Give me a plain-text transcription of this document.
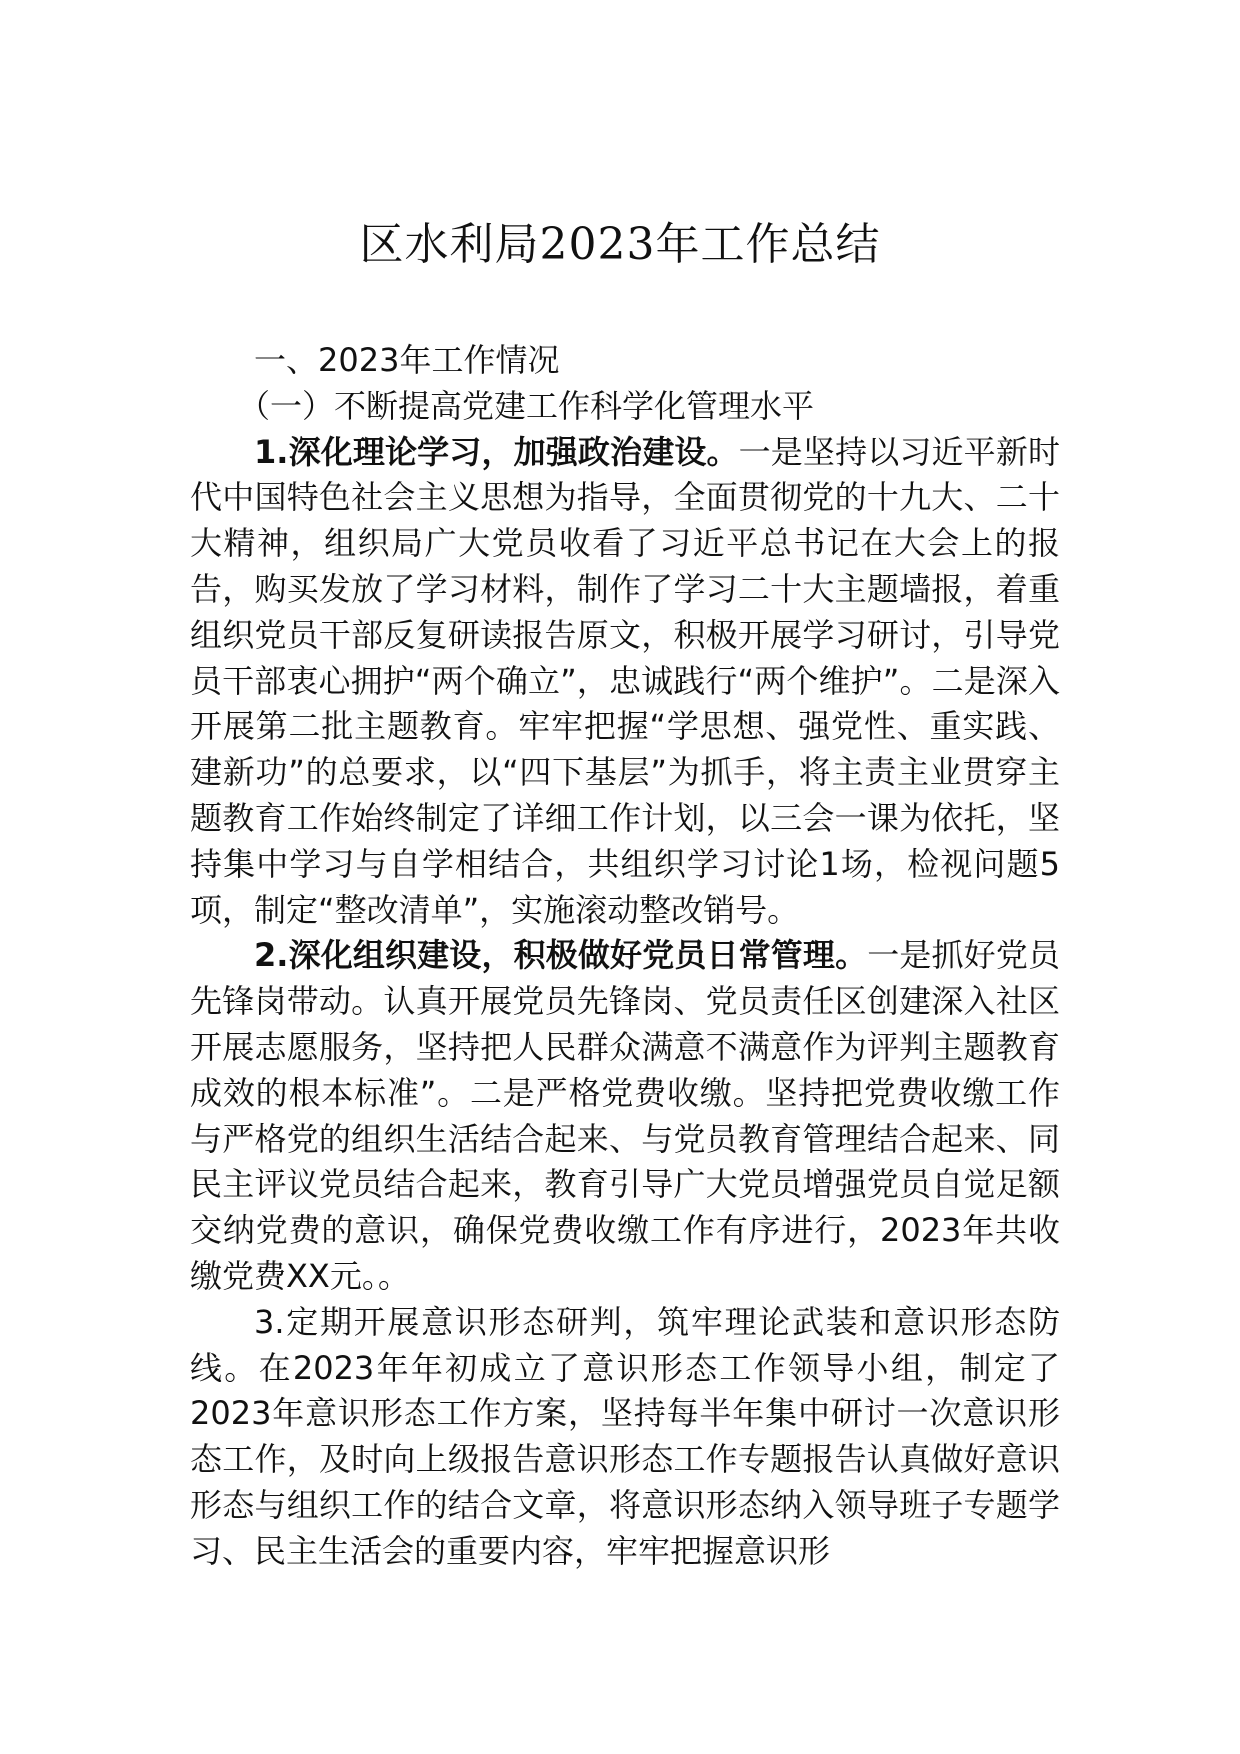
区水利局2023年工作总结

一、2023年工作情况

（一）不断提高党建工作科学化管理水平

1.深化理论学习，加强政治建设。一是坚持以习近平新时代中国特色社会主义思想为指导，全面贯彻党的十九大、二十大精神，组织局广大党员收看了习近平总书记在大会上的报告，购买发放了学习材料，制作了学习二十大主题墙报，着重组织党员干部反复研读报告原文，积极开展学习研讨，引导党员干部衷心拥护“两个确立”，忠诚践行“两个维护”。二是深入开展第二批主题教育。牢牢把握“学思想、强党性、重实践、建新功”的总要求，以“四下基层”为抓手，将主责主业贯穿主题教育工作始终制定了详细工作计划，以三会一课为依托，坚持集中学习与自学相结合，共组织学习讨论1场，检视问题5项，制定“整改清单”，实施滚动整改销号。

2.深化组织建设，积极做好党员日常管理。一是抓好党员先锋岗带动。认真开展党员先锋岗、党员责任区创建深入社区开展志愿服务，坚持把人民群众满意不满意作为评判主题教育成效的根本标准”。二是严格党费收缴。坚持把党费收缴工作与严格党的组织生活结合起来、与党员教育管理结合起来、同民主评议党员结合起来，教育引导广大党员增强党员自觉足额交纳党费的意识，确保党费收缴工作有序进行，2023年共收缴党费XX元。。

3.定期开展意识形态研判，筑牢理论武装和意识形态防线。在2023年年初成立了意识形态工作领导小组，制定了2023年意识形态工作方案，坚持每半年集中研讨一次意识形态工作，及时向上级报告意识形态工作专题报告认真做好意识形态与组织工作的结合文章，将意识形态纳入领导班子专题学习、民主生活会的重要内容，牢牢把握意识形
